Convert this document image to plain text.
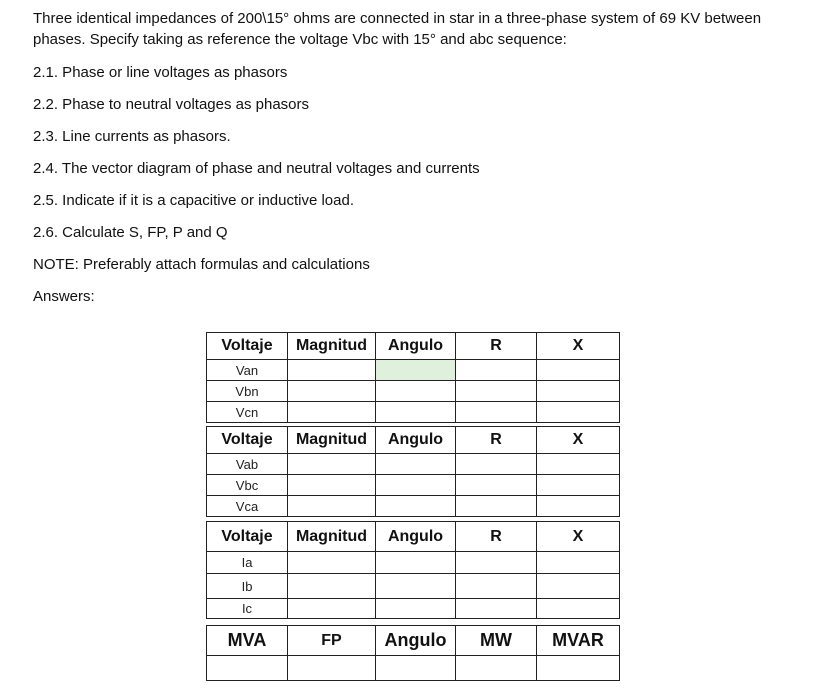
Three identical impedances of 200\15° ohms are connected in star in a three-phase system of 69 KV between phases. Specify taking as reference the voltage Vbc with 15° and abc sequence:

2.1. Phase or line voltages as phasors

2.2. Phase to neutral voltages as phasors

2.3. Line currents as phasors.

2.4. The vector diagram of phase and neutral voltages and currents

2.5. Indicate if it is a capacitive or inductive load.

2.6. Calculate S, FP, P and Q

NOTE: Preferably attach formulas and calculations

Answers:

Voltaje	Magnitud	Angulo	R	X
Van				
Vbn				
Vcn				
Voltaje	Magnitud	Angulo	R	X
Vab				
Vbc				
Vca				
Voltaje	Magnitud	Angulo	R	X
Ia				
Ib				
Ic				
MVA	FP	Angulo	MW	MVAR
